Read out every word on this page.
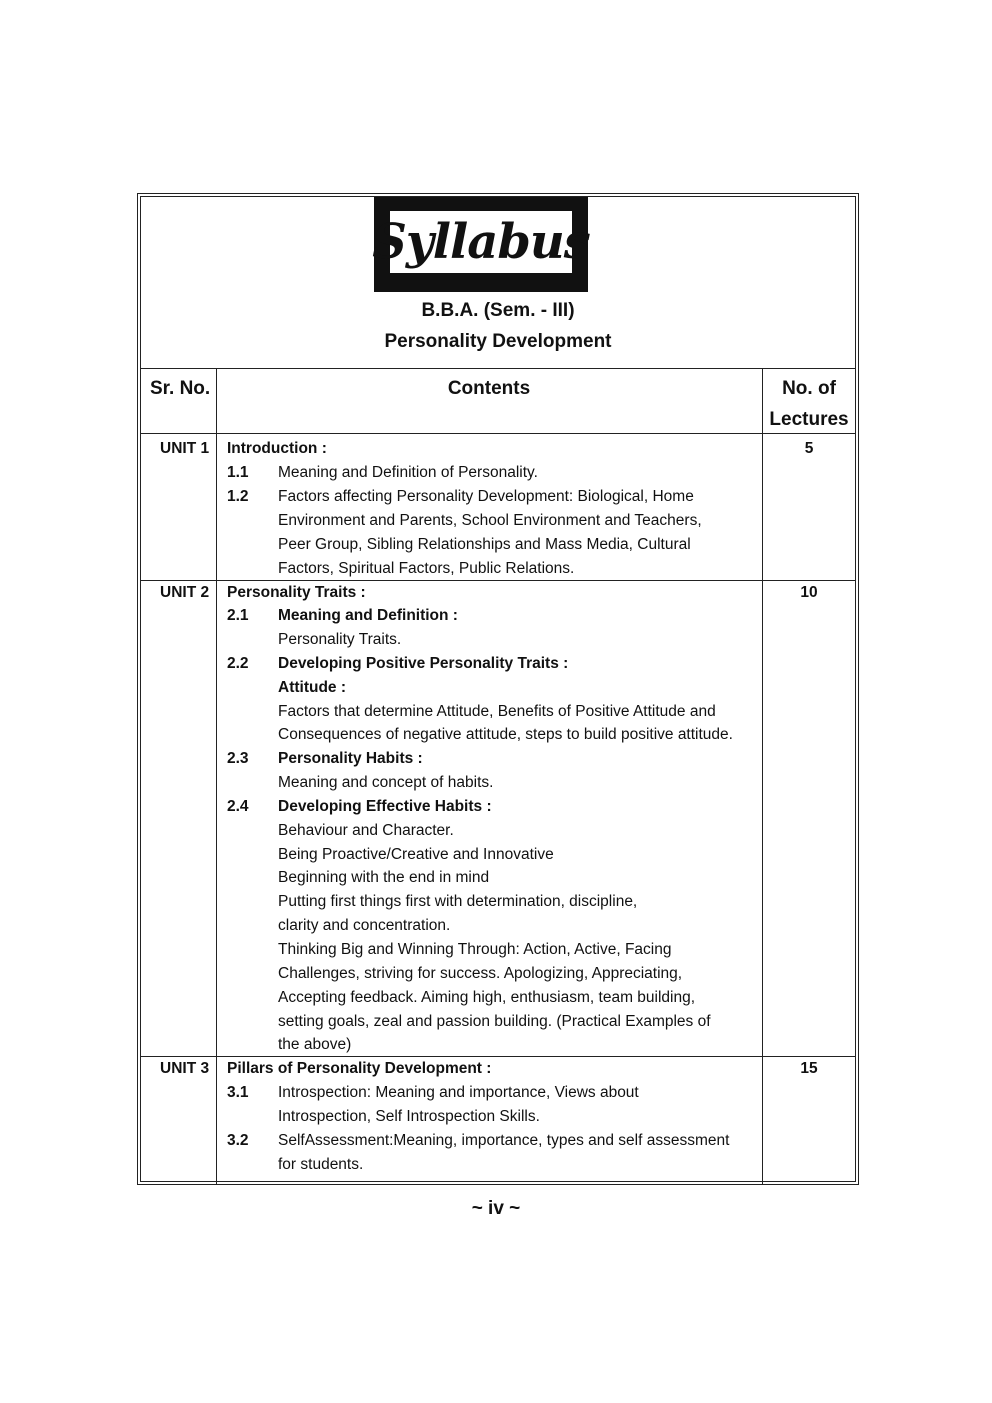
Syllabus
B.B.A. (Sem. - III)
Personality Development
Sr. No.	Contents	No. of
Lectures
UNIT 1 Introduction :	5
1.1 Meaning and Definition of Personality.
1.2 Factors affecting Personality Development: Biological, Home
Environment and Parents, School Environment and Teachers,
Peer Group, Sibling Relationships and Mass Media, Cultural
Factors, Spiritual Factors, Public Relations.
UNIT 2 Personality Traits :	10
2.1 Meaning and Definition :
Personality Traits.
2.2 Developing Positive Personality Traits :
Attitude :
Factors that determine Attitude, Benefits of Positive Attitude and
Consequences of negative attitude, steps to build positive attitude.
2.3 Personality Habits :
Meaning and concept of habits.
2.4 Developing Effective Habits :
Behaviour and Character.
Being Proactive/Creative and Innovative
Beginning with the end in mind
Putting first things first with determination, discipline,
clarity and concentration.
Thinking Big and Winning Through: Action, Active, Facing
Challenges, striving for success. Apologizing, Appreciating,
Accepting feedback. Aiming high, enthusiasm, team building,
setting goals, zeal and passion building. (Practical Examples of
the above)
UNIT 3 Pillars of Personality Development :	15
3.1 Introspection: Meaning and importance, Views about
Introspection, Self Introspection Skills.
3.2 SelfAssessment:Meaning, importance, types and self assessment
for students.
~ iv ~
